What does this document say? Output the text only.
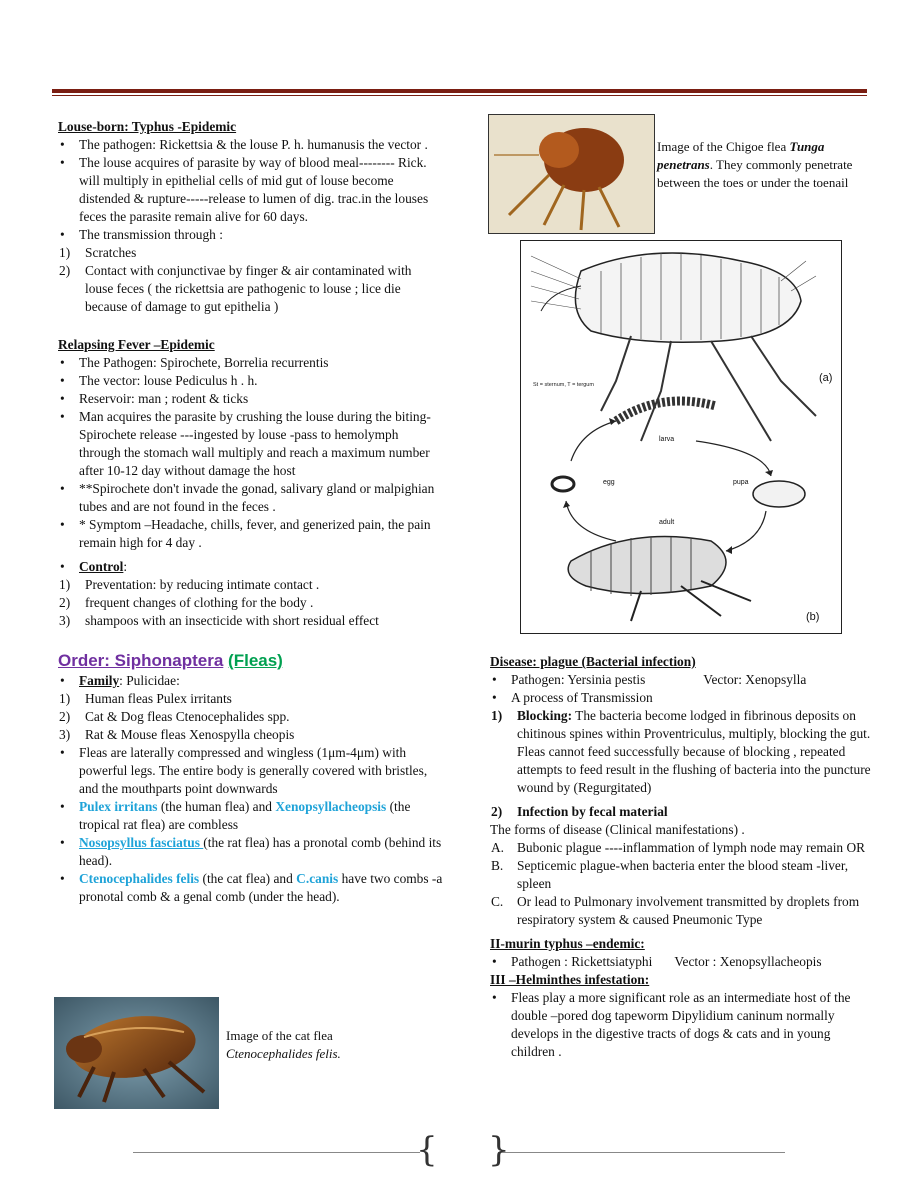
Louse-born: Typhus -Epidemic
• The pathogen: Rickettsia & the louse P. h. humanusis the vector .
• The louse acquires of parasite by way of blood meal-------- Rick. will multiply in epithelial cells of mid gut of louse become distended & rupture-----release to lumen of dig. trac.in the louses feces the parasite remain alive for 60 days.
• The transmission through :
1) Scratches
2) Contact with conjunctivae by finger & air contaminated with louse feces ( the rickettsia are pathogenic to louse ; lice die because of damage to gut epithelia )
Relapsing Fever –Epidemic
• The Pathogen: Spirochete, Borrelia recurrentis
• The vector: louse Pediculus h . h.
• Reservoir: man ; rodent & ticks
• Man acquires the parasite by crushing the louse during the biting-Spirochete release ---ingested by louse -pass to hemolymph through the stomach wall multiply and reach a maximum number after 10-12 day without damage the host
• **Spirochete don't invade the gonad, salivary gland or malpighian tubes and are not found in the feces .
• * Symptom –Headache, chills, fever, and generized pain, the pain remain high for 4 day .
• Control:
1) Preventation: by reducing intimate contact .
2) frequent changes of clothing for the body .
3) shampoos with an insecticide with short residual effect
Order: Siphonaptera (Fleas)
• Family: Pulicidae:
1) Human fleas Pulex irritants
2) Cat & Dog fleas Ctenocephalides spp.
3) Rat & Mouse fleas Xenospylla cheopis
• Fleas are laterally compressed and wingless (1μm-4μm) with powerful legs. The entire body is generally covered with bristles, and the mouthparts point downwards
• Pulex irritans (the human flea) and Xenopsyllacheopsis (the tropical rat flea) are combless
• Nosopsyllus fasciatus (the rat flea) has a pronotal comb (behind its head).
• Ctenocephalides felis (the cat flea) and C.canis have two combs -a pronotal comb & a genal comb (under the head).
Image of the cat flea
Ctenocephalides felis.
Image of the Chigoe flea Tunga penetrans. They commonly penetrate between the toes or under the toenail
St = sternum, T = tergum
(a)
larva
egg	pupa
adult
(b)
Disease: plague (Bacterial infection)
• Pathogen: Yersinia pestis	Vector: Xenopsylla
• A process of Transmission
1) Blocking: The bacteria become lodged in fibrinous deposits on chitinous spines within Proventriculus, multiply, blocking the gut. Fleas cannot feed successfully because of blocking , repeated attempts to feed result in the flushing of bacteria into the puncture wound by (Regurgitated)
2) Infection by fecal material
The forms of disease (Clinical manifestations) .
A. Bubonic plague ----inflammation of lymph node may remain OR
B. Septicemic plague-when bacteria enter the blood steam -liver, spleen
C. Or lead to Pulmonary involvement transmitted by droplets from respiratory system & caused Pneumonic Type
II-murin typhus –endemic:
• Pathogen : Rickettsiatyphi Vector : Xenopsyllacheopis
III –Helminthes infestation:
• Fleas play a more significant role as an intermediate host of the double –pored dog tapeworm Dipylidium caninum normally develops in the digestive tracts of dogs & cats and in young children .
{ }
